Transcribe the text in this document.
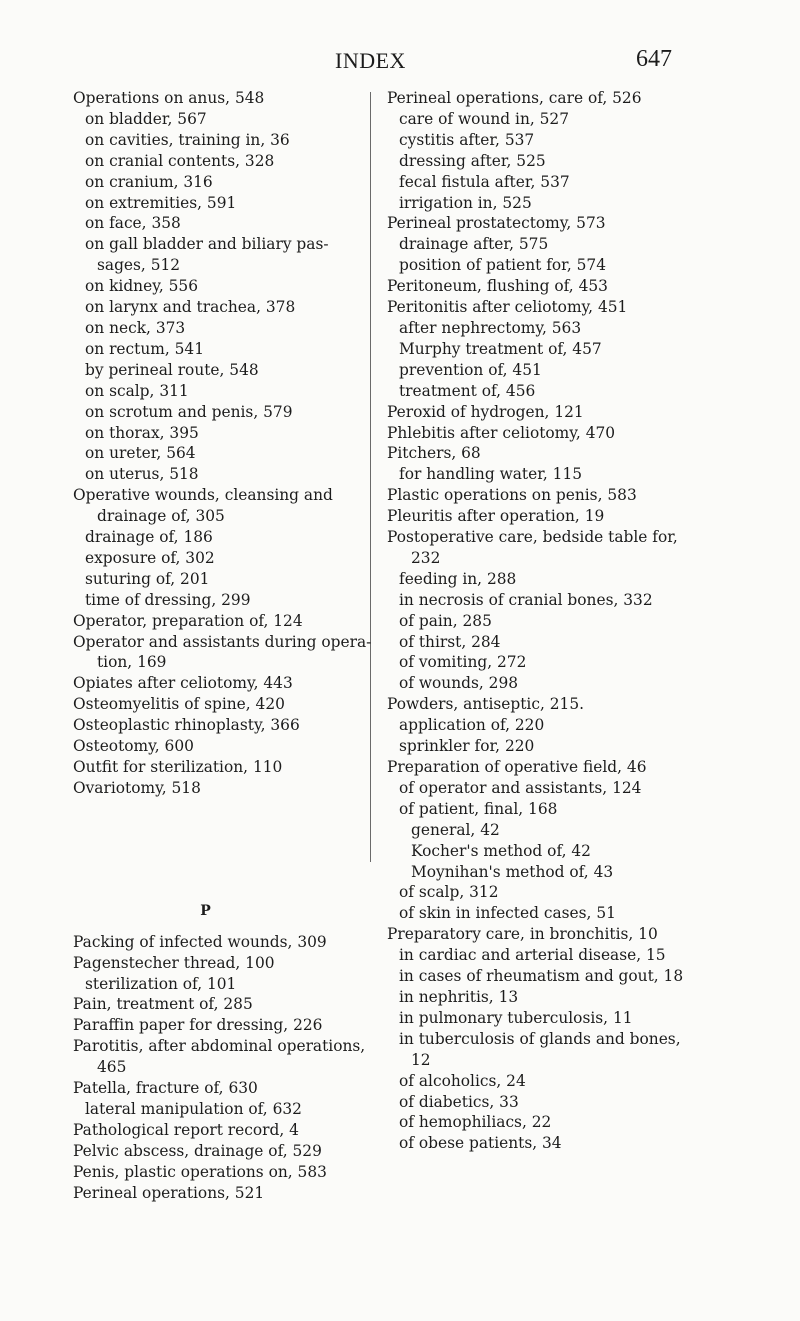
INDEX	647
Operations on anus, 548
on bladder, 567
on cavities, training in, 36
on cranial contents, 328
on cranium, 316
on extremities, 591
on face, 358
on gall bladder and biliary pas-
sages, 512
on kidney, 556
on larynx and trachea, 378
on neck, 373
on rectum, 541
by perineal route, 548
on scalp, 311
on scrotum and penis, 579
on thorax, 395
on ureter, 564
on uterus, 518
Operative wounds, cleansing and
drainage of, 305
drainage of, 186
exposure of, 302
suturing of, 201
time of dressing, 299
Operator, preparation of, 124
Operator and assistants during opera-
tion, 169
Opiates after celiotomy, 443
Osteomyelitis of spine, 420
Osteoplastic rhinoplasty, 366
Osteotomy, 600
Outfit for sterilization, 110
Ovariotomy, 518
P
Packing of infected wounds, 309
Pagenstecher thread, 100
sterilization of, 101
Pain, treatment of, 285
Paraffin paper for dressing, 226
Parotitis, after abdominal operations,
465
Patella, fracture of, 630
lateral manipulation of, 632
Pathological report record, 4
Pelvic abscess, drainage of, 529
Penis, plastic operations on, 583
Perineal operations, 521
Perineal operations, care of, 526
care of wound in, 527
cystitis after, 537
dressing after, 525
fecal fistula after, 537
irrigation in, 525
Perineal prostatectomy, 573
drainage after, 575
position of patient for, 574
Peritoneum, flushing of, 453
Peritonitis after celiotomy, 451
after nephrectomy, 563
Murphy treatment of, 457
prevention of, 451
treatment of, 456
Peroxid of hydrogen, 121
Phlebitis after celiotomy, 470
Pitchers, 68
for handling water, 115
Plastic operations on penis, 583
Pleuritis after operation, 19
Postoperative care, bedside table for,
232
feeding in, 288
in necrosis of cranial bones, 332
of pain, 285
of thirst, 284
of vomiting, 272
of wounds, 298
Powders, antiseptic, 215.
application of, 220
sprinkler for, 220
Preparation of operative field, 46
of operator and assistants, 124
of patient, final, 168
general, 42
Kocher's method of, 42
Moynihan's method of, 43
of scalp, 312
of skin in infected cases, 51
Preparatory care, in bronchitis, 10
in cardiac and arterial disease, 15
in cases of rheumatism and gout, 18
in nephritis, 13
in pulmonary tuberculosis, 11
in tuberculosis of glands and bones,
12
of alcoholics, 24
of diabetics, 33
of hemophiliacs, 22
of obese patients, 34
